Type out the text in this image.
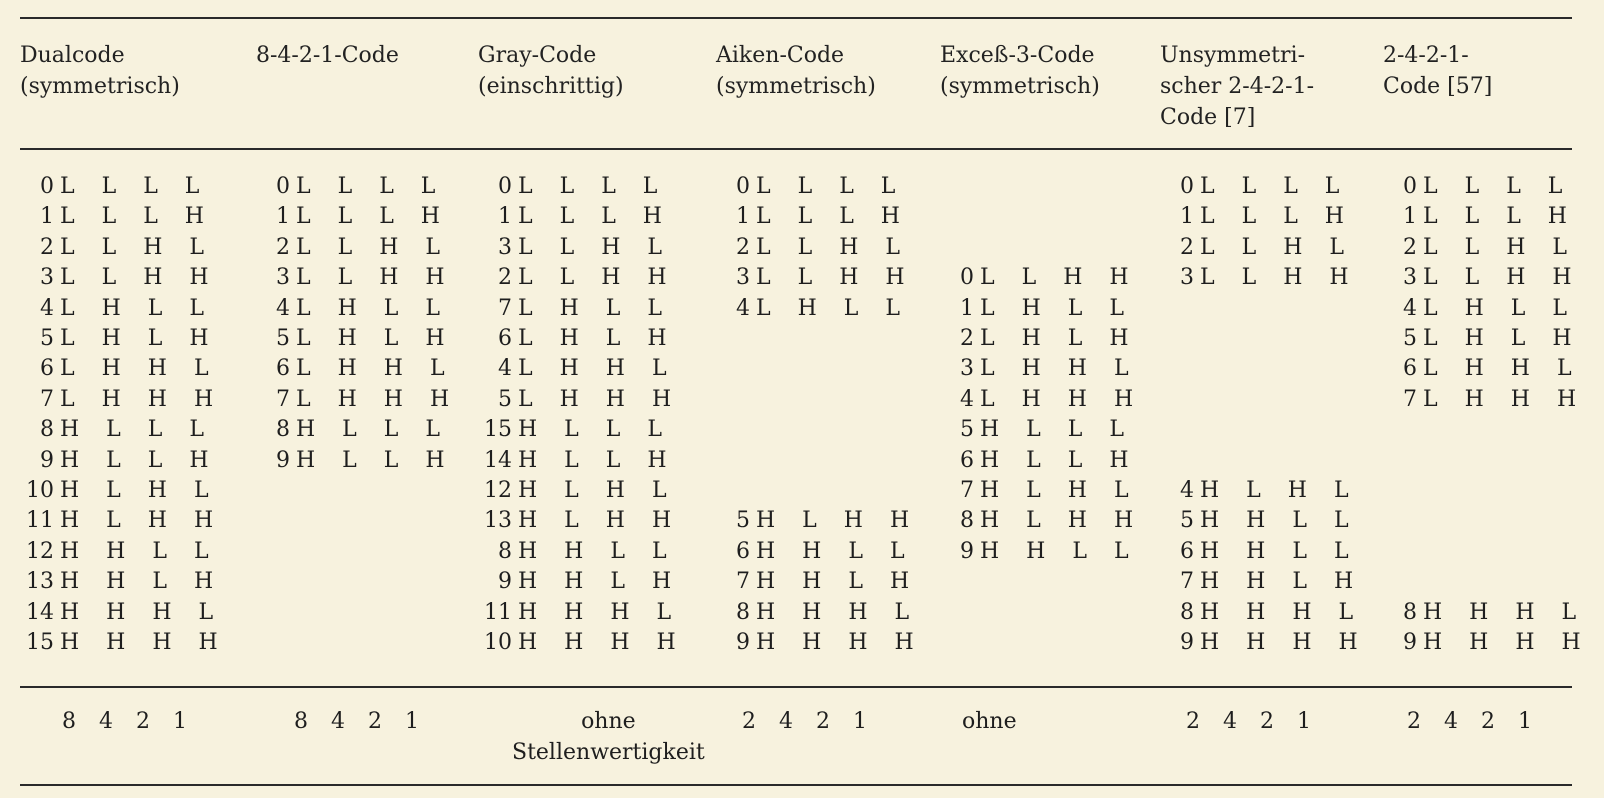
Dualcode
(symmetrisch)
0 L L L L
1 L L L H
2 L L H L
3 L L H H
4 L H L L
5 L H L H
6 L H H L
7 L H H H
8 H L L L
9 H L L H
10 H L H L
11 H L H H
12 H H L L
13 H H L H
14 H H H L
15 H H H H
8 4 2 1
8-4-2-1-Code
0 L L L L
1 L L L H
2 L L H L
3 L L H H
4 L H L L
5 L H L H
6 L H H L
7 L H H H
8 H L L L
9 H L L H
8 4 2 1
Gray-Code
(einschrittig)
0 L L L L
1 L L L H
3 L L H L
2 L L H H
7 L H L L
6 L H L H
4 L H H L
5 L H H H
15 H L L L
14 H L L H
12 H L H L
13 H L H H
8 H H L L
9 H H L H
11 H H H L
10 H H H H
ohne
Stellenwertigkeit
Aiken-Code
(symmetrisch)
0 L L L L
1 L L L H
2 L L H L
3 L L H H
4 L H L L
5 H L H H
6 H H L L
7 H H L H
8 H H H L
9 H H H H
2 4 2 1
Exceß-3-Code
(symmetrisch)
0 L L H H
1 L H L L
2 L H L H
3 L H H L
4 L H H H
5 H L L L
6 H L L H
7 H L H L
8 H L H H
9 H H L L
ohne
Unsymmetri-
scher 2-4-2-1-
Code [7]
0 L L L L
1 L L L H
2 L L H L
3 L L H H
4 H L H L
5 H H L L
6 H H L L
7 H H L H
8 H H H L
9 H H H H
2 4 2 1
2-4-2-1-
Code [57]
0 L L L L
1 L L L H
2 L L H L
3 L L H H
4 L H L L
5 L H L H
6 L H H L
7 L H H H
8 H H H L
9 H H H H
2 4 2 1
